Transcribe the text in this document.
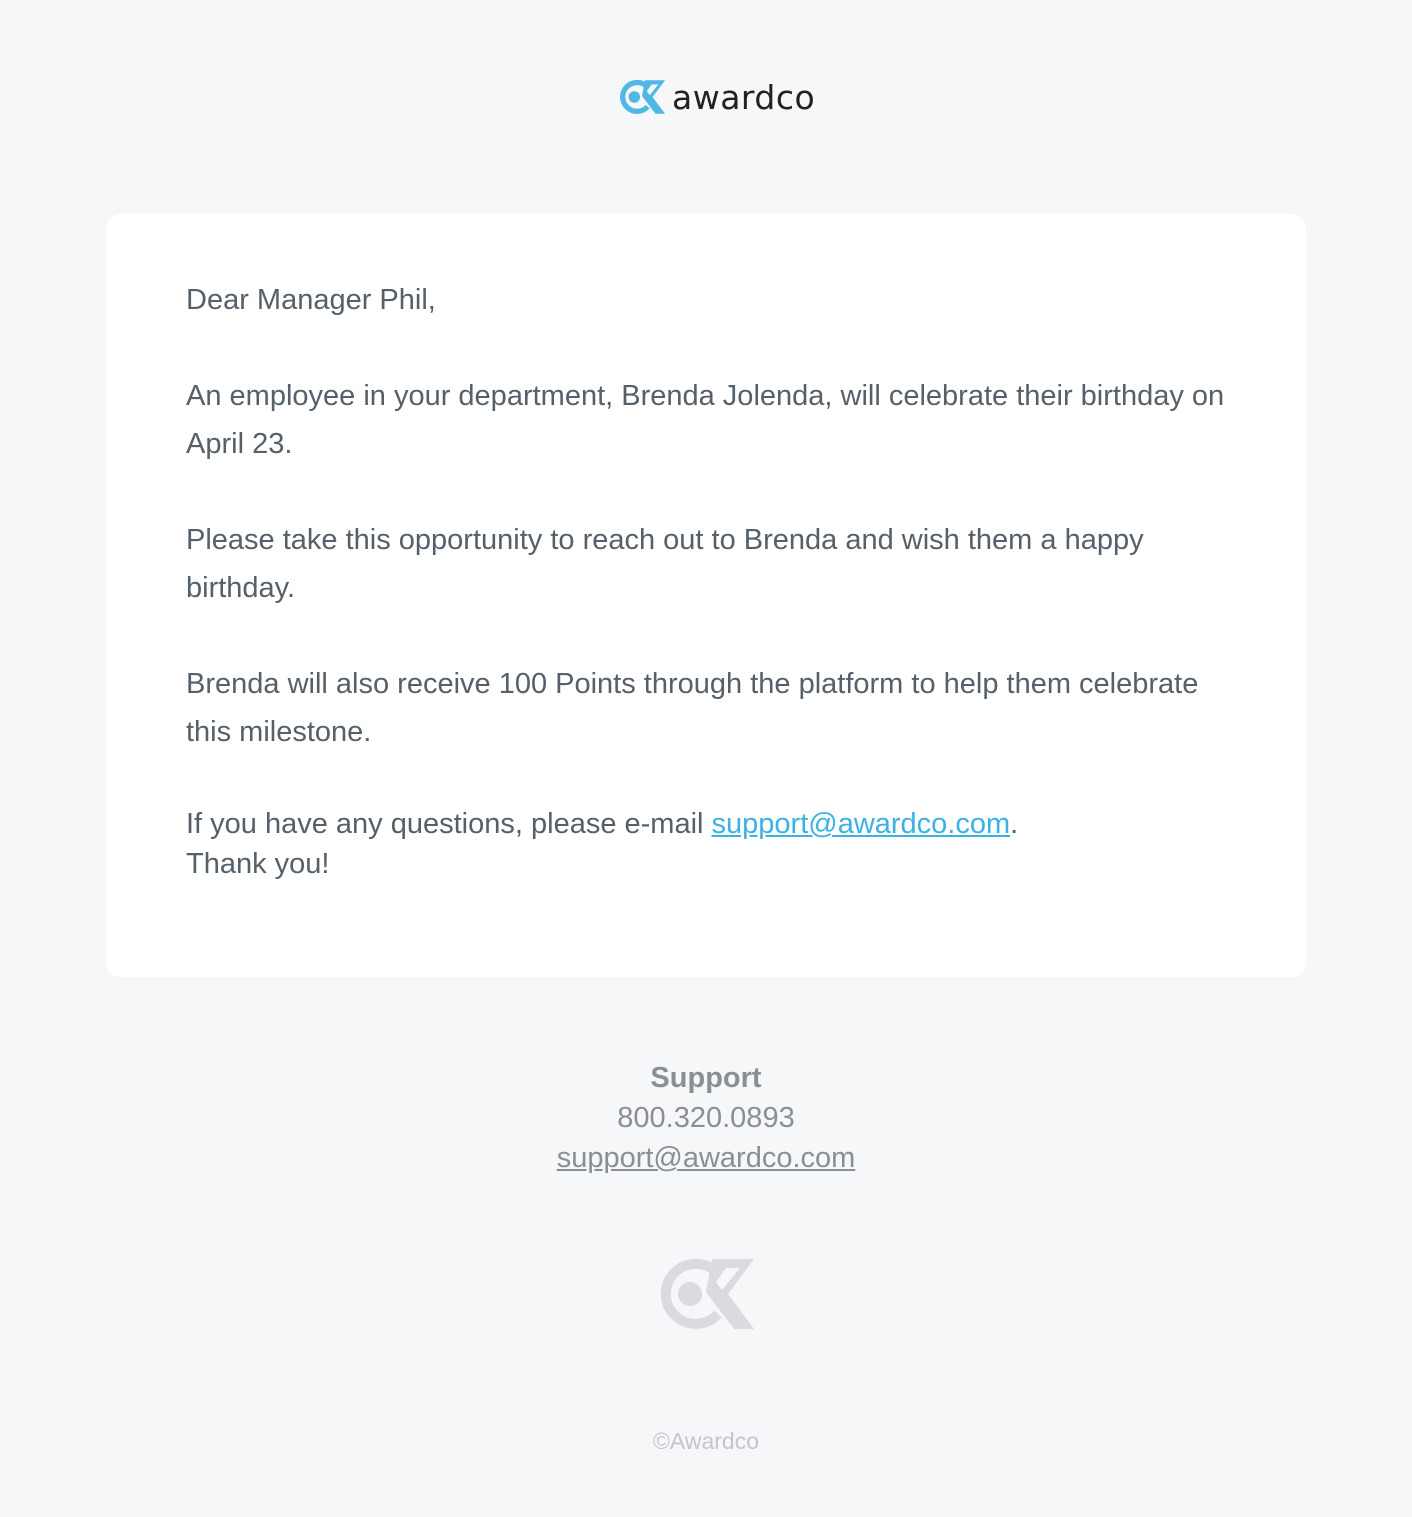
awardco

Dear Manager Phil,

An employee in your department, Brenda Jolenda, will celebrate their birthday on April 23.

Please take this opportunity to reach out to Brenda and wish them a happy birthday.

Brenda will also receive 100 Points through the platform to help them celebrate this milestone.

If you have any questions, please e-mail support@awardco.com.
Thank you!

Support
800.320.0893
support@awardco.com
©Awardco
